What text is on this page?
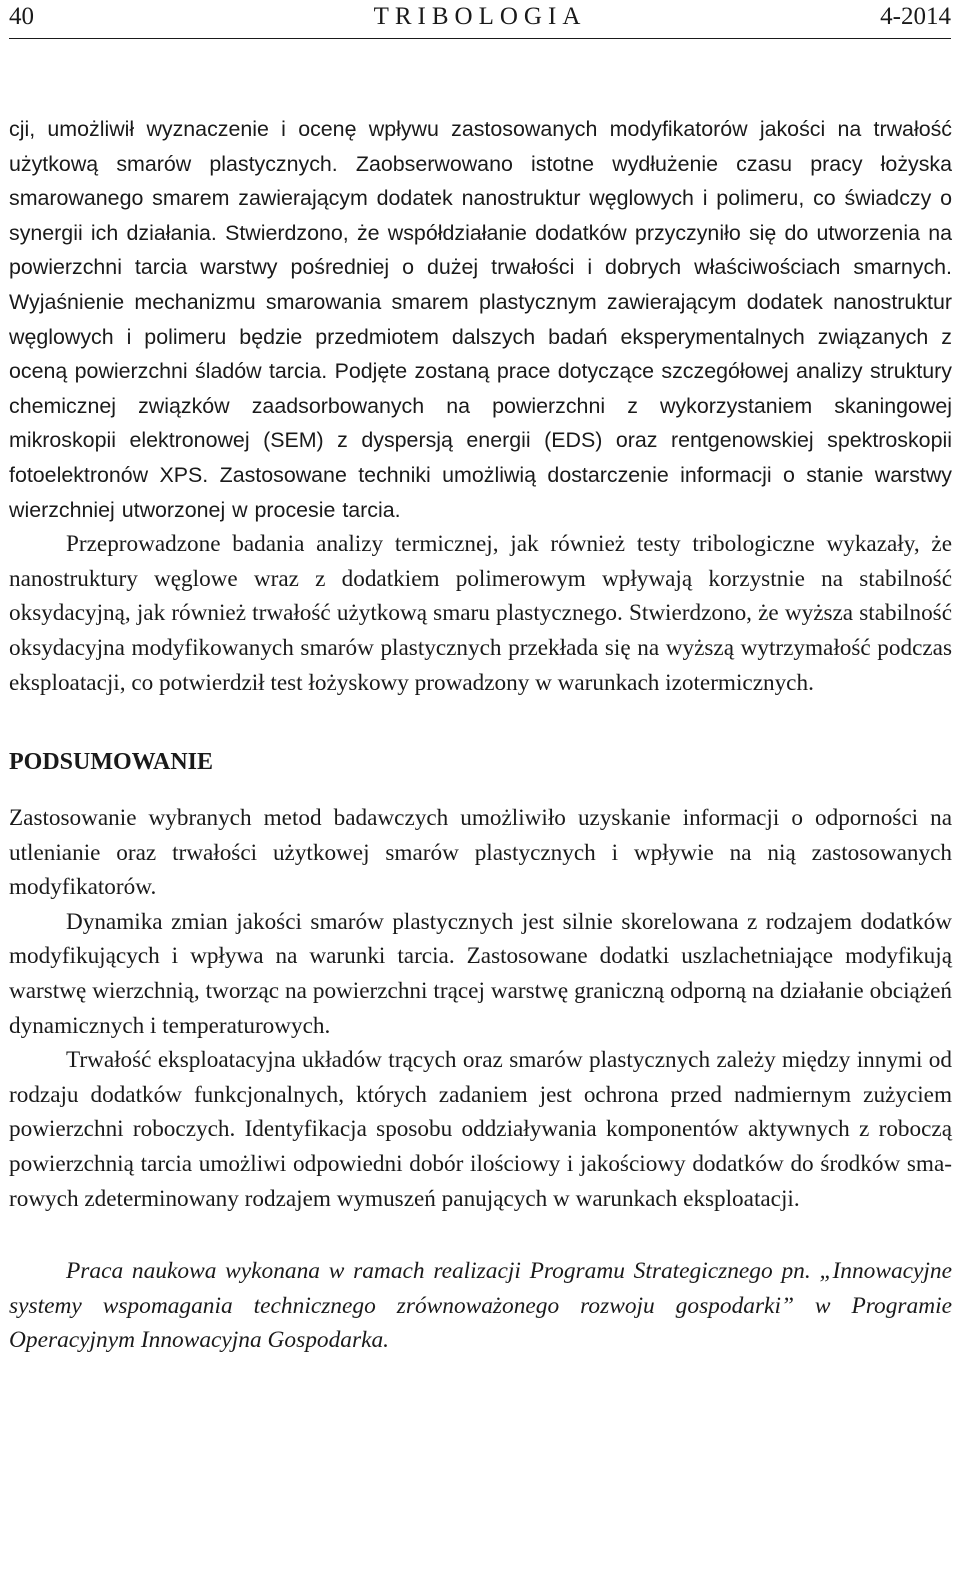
40	TRIBOLOGIA	4-2014

cji, umożliwił wyznaczenie i ocenę wpływu zastosowanych modyfikatorów jakości na trwałość użytkową smarów plastycznych. Zaobserwowano istotne wydłużenie czasu pracy łożyska smarowanego smarem zawierającym dodatek nanostruktur węglowych i polimeru, co świadczy o synergii ich działania. Stwierdzono, że współdziałanie dodatków przyczyniło się do utworzenia na powierzchni tarcia warstwy pośredniej o dużej trwałości i dobrych właściwościach smarnych. Wyjaśnienie mechanizmu smarowania smarem plastycznym zawierającym dodatek nanostruktur węglowych i polimeru będzie przedmiotem dalszych badań eksperymentalnych związanych z oceną powierzchni śladów tarcia. Podjęte zostaną prace dotyczące szczegółowej analizy struktury chemicznej związków zaadsorbowanych na powierzchni z wykorzystaniem skaningowej mikroskopii elektronowej (SEM) z dyspersją energii (EDS) oraz rentgenowskiej spektroskopii fotoelektronów XPS. Zastosowane techniki umożliwią dostarczenie informacji o stanie warstwy wierzchniej utworzonej w procesie tarcia.

Przeprowadzone badania analizy termicznej, jak również testy tribologiczne wykazały, że nanostruktury węglowe wraz z dodatkiem polimerowym wpływają korzystnie na stabilność oksydacyjną, jak również trwałość użytkową smaru plastycznego. Stwierdzono, że wyższa stabilność oksydacyjna modyfikowanych smarów plastycznych przekłada się na wyższą wytrzymałość podczas eksploatacji, co potwierdził test łożyskowy prowadzony w warunkach izotermicznych.

PODSUMOWANIE

Zastosowanie wybranych metod badawczych umożliwiło uzyskanie informacji o odporności na utlenianie oraz trwałości użytkowej smarów plastycznych i wpływie na nią zastosowanych modyfikatorów.

Dynamika zmian jakości smarów plastycznych jest silnie skorelowana z rodzajem dodatków modyfikujących i wpływa na warunki tarcia. Zastosowane dodatki uszlachetniające modyfikują warstwę wierzchnią, tworząc na powierzchni trącej warstwę graniczną odporną na działanie obciążeń dynamicznych i temperaturowych.

Trwałość eksploatacyjna układów trących oraz smarów plastycznych zależy między innymi od rodzaju dodatków funkcjonalnych, których zadaniem jest ochrona przed nadmiernym zużyciem powierzchni roboczych. Identyfikacja sposobu oddziaływania komponentów aktywnych z roboczą powierzchnią tarcia umożliwi odpowiedni dobór ilościowy i jakościowy dodatków do środków smarowych zdeterminowany rodzajem wymuszeń panujących w warunkach eksploatacji.

Praca naukowa wykonana w ramach realizacji Programu Strategicznego pn. „Innowacyjne systemy wspomagania technicznego zrównoważonego rozwoju gospodarki” w Programie Operacyjnym Innowacyjna Gospodarka.
